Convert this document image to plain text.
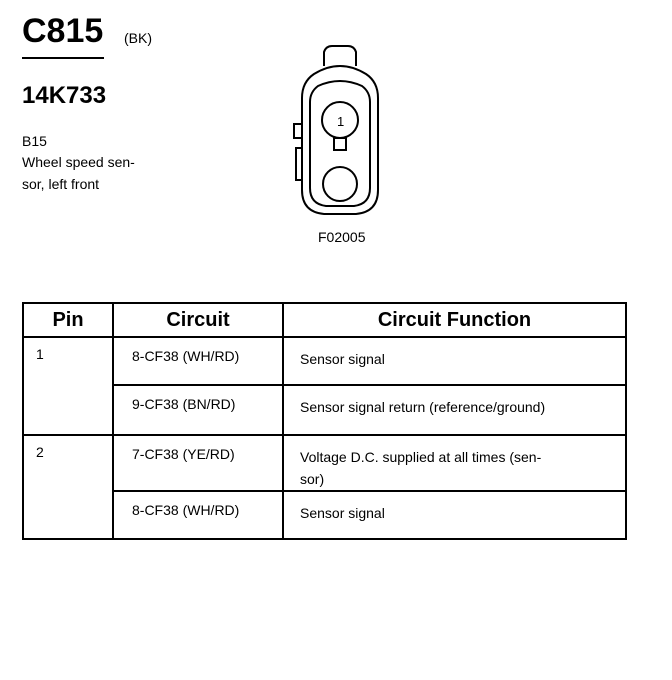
C815 (BK)
14K733
B15
Wheel speed sen-
sor, left front
1
F02005
Pin	Circuit	Circuit Function
1	8-CF38 (WH/RD)	Sensor signal
	9-CF38 (BN/RD)	Sensor signal return (reference/ground)
2	7-CF38 (YE/RD)	Voltage D.C. supplied at all times (sen-
sor)

	8-CF38 (WH/RD)	Sensor signal
